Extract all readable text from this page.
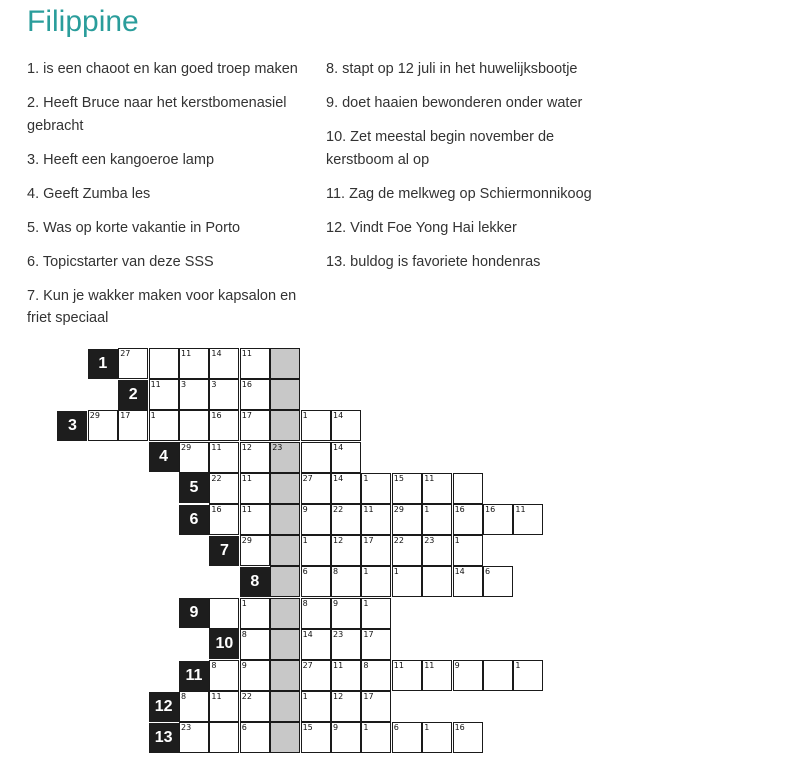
Filippine
1. is een chaoot en kan goed troep maken
2. Heeft Bruce naar het kerstbomenasiel gebracht
3. Heeft een kangoeroe lamp
4. Geeft Zumba les
5. Was op korte vakantie in Porto
6. Topicstarter van deze SSS
7. Kun je wakker maken voor kapsalon en friet speciaal
8. stapt op 12 juli in het huwelijksbootje
9. doet haaien bewonderen onder water
10. Zet meestal begin november de kerstboom al op
11. Zag de melkweg op Schiermonnikoog
12. Vindt Foe Yong Hai lekker
13. buldog is favoriete hondenras
1
27	11	14	11
2
11	3	3	16
3
29	17	1	16	17	1	14
4
29	11	12	23	14
5
22	11	27	14	1	15	11
6
16	11	9	22	11	29	1	16	16	11
7
29	1	12	17	22	23	1
8
6	8	1	1	14	6
9
1	8	9	1
10
8	14	23	17
11
8	9	27	11	8	11	11	9	1
12
8	11	22	1	12	17
13
23	6	15	9	1	6	1	16
